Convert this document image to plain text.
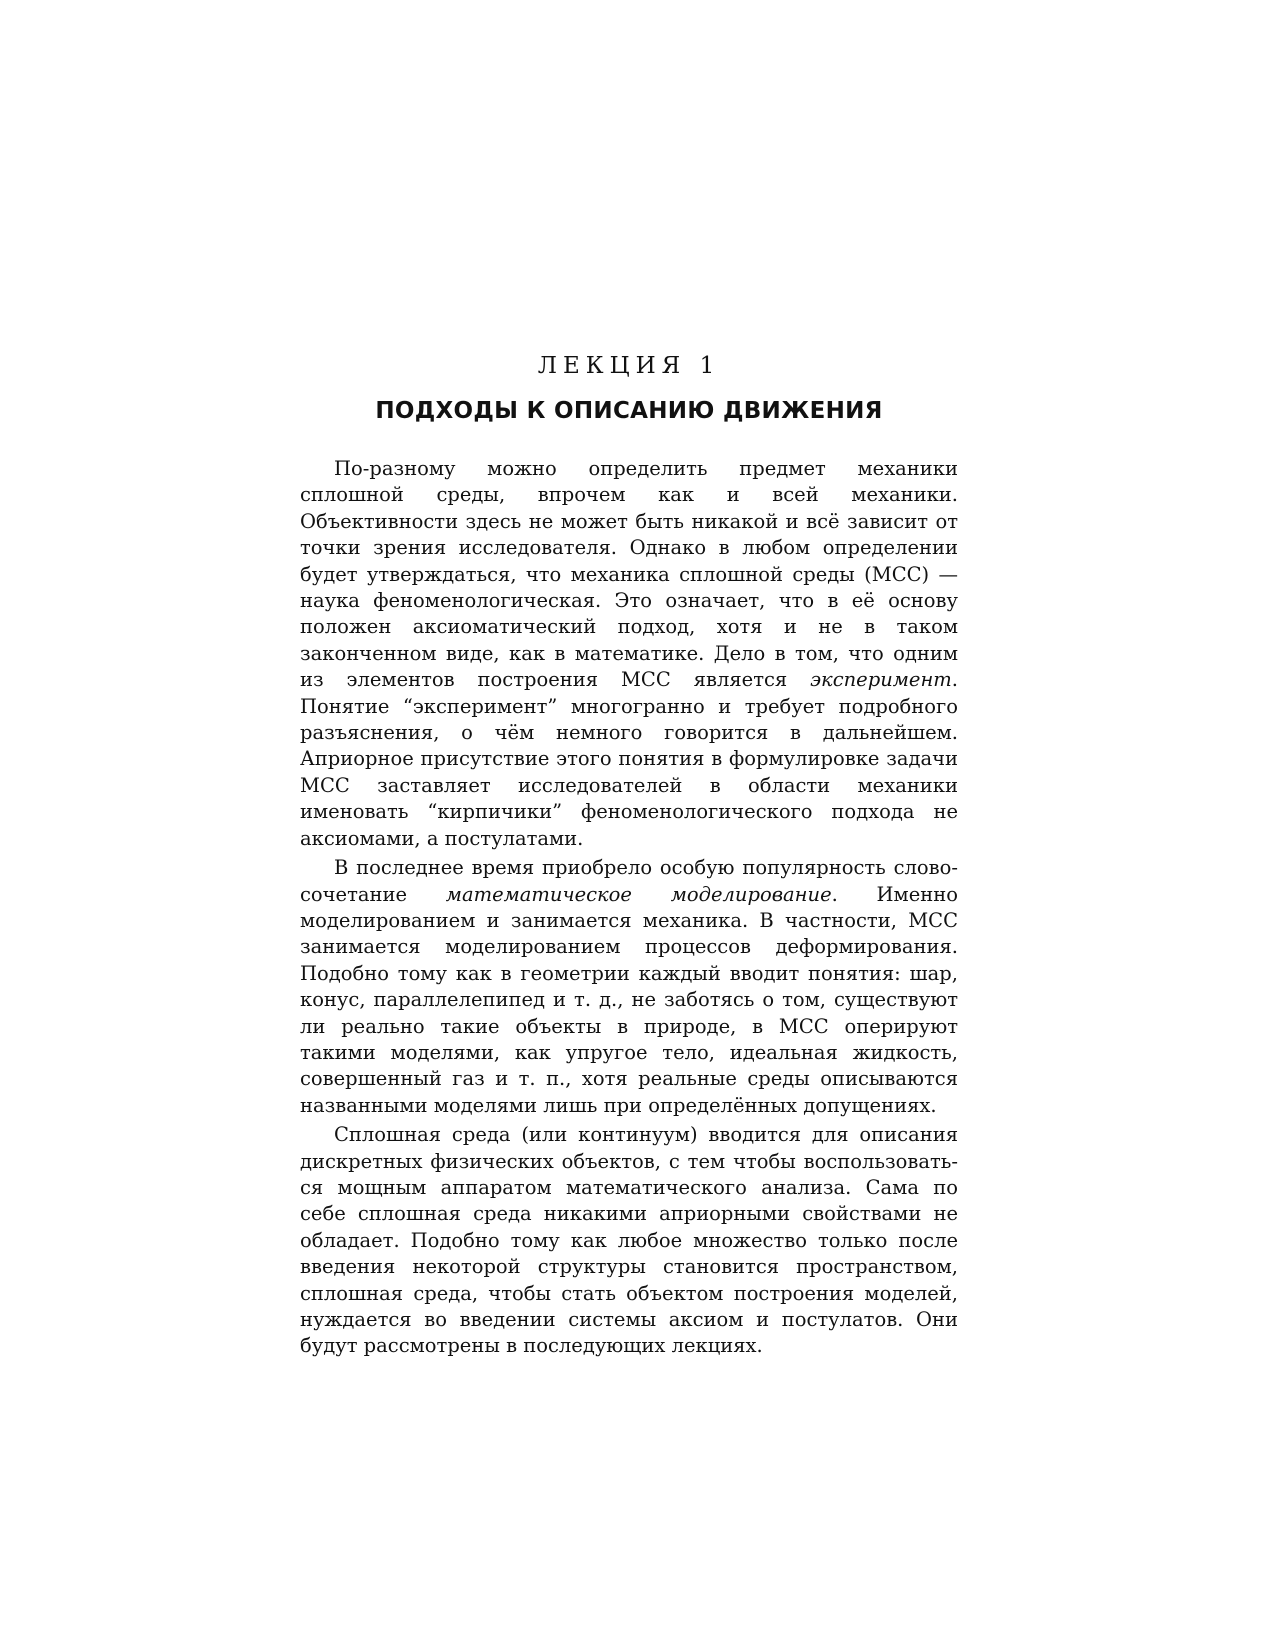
ЛЕКЦИЯ 1
ПОДХОДЫ К ОПИСАНИЮ ДВИЖЕНИЯ

По-разному можно определить предмет механики сплошной среды, впрочем как и всей механики. Объективности здесь не может быть никакой и всё зависит от точки зрения исследователя. Однако в любом определении будет утверждаться, что механика сплошной среды (МСС) — наука феноменологическая. Это означает, что в её основу положен аксиоматический подход, хотя и не в таком законченном виде, как в математике. Дело в том, что одним из элементов построения МСС является эксперимент. Понятие “эксперимент” многогранно и требует подробного разъяснения, о чём немного говорится в дальнейшем. Априорное присутствие этого понятия в формулировке задачи МСС заставляет исследователей в области механики именовать “кирпичики” феноменологического подхода не аксиомами, а постулатами.

В последнее время приобрело особую популярность словосочетание математическое моделирование. Именно моделированием и занимается механика. В частности, МСС занимается моделированием процессов деформирования. Подобно тому как в геометрии каждый вводит понятия: шар, конус, параллелепипед и т. д., не заботясь о том, существуют ли реально такие объекты в природе, в МСС оперируют такими моделями, как упругое тело, идеальная жидкость, совершенный газ и т. п., хотя реальные среды описываются названными моделями лишь при определённых допущениях.

Сплошная среда (или континуум) вводится для описания дискретных физических объектов, с тем чтобы воспользоваться мощным аппаратом математического анализа. Сама по себе сплошная среда никакими априорными свойствами не обладает. Подобно тому как любое множество только после введения некоторой структуры становится пространством, сплошная среда, чтобы стать объектом построения моделей, нуждается во введении системы аксиом и постулатов. Они будут рассмотрены в последующих лекциях.
